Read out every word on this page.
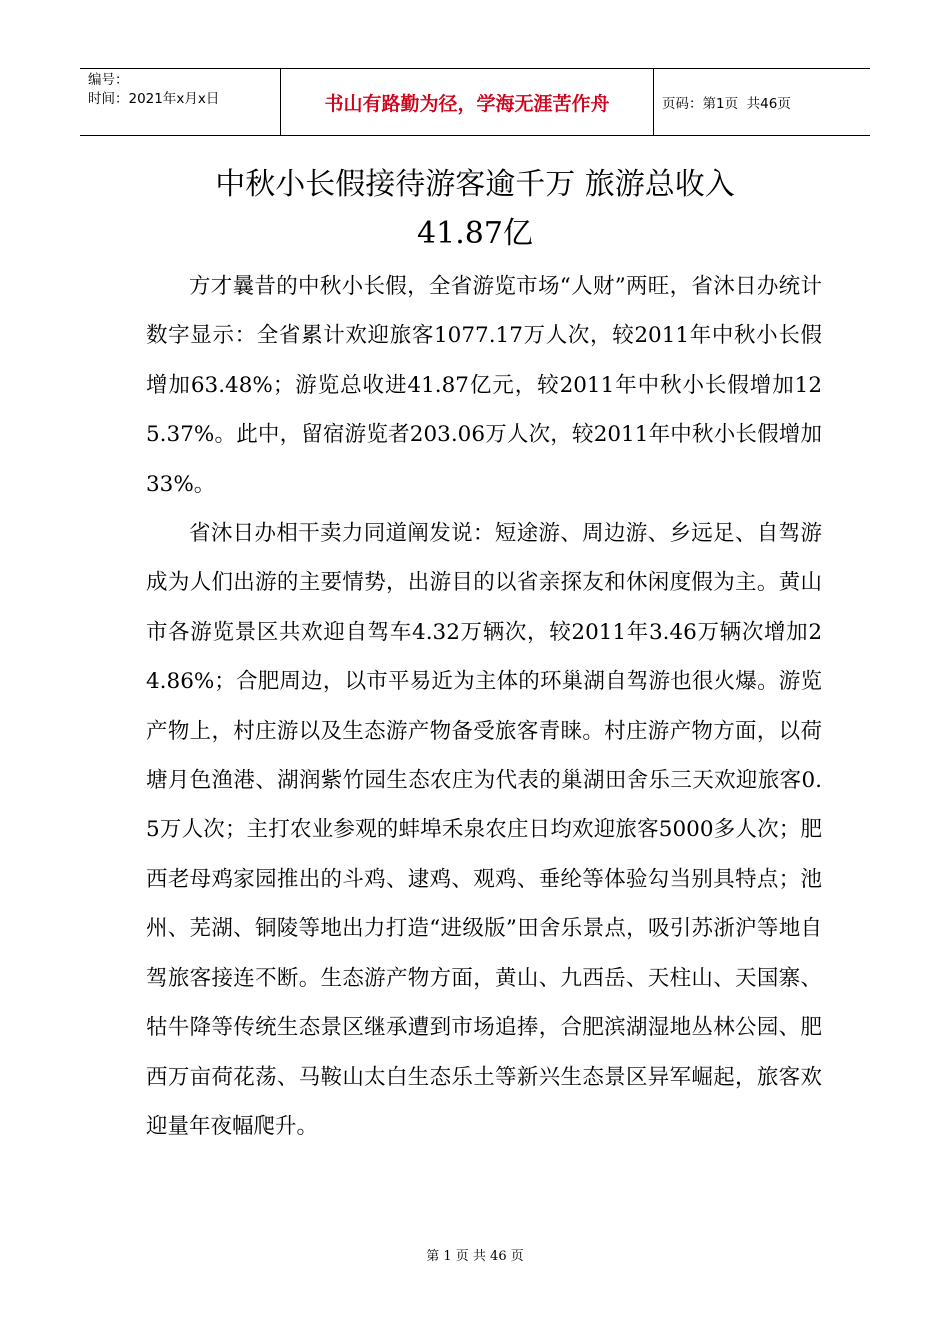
编号：
时间：2021年x月x日	书山有路勤为径，学海无涯苦作舟	页码：第1页  共46页
中秋小长假接待游客逾千万 旅游总收入
41.87亿

方才曩昔的中秋小长假，全省游览市场“人财”两旺，省沐日办统计数字显示：全省累计欢迎旅客1077.17万人次，较2011年中秋小长假增加63.48%；游览总收进41.87亿元，较2011年中秋小长假增加125.37%。此中，留宿游览者203.06万人次，较2011年中秋小长假增加33%。

省沐日办相干卖力同道阐发说：短途游、周边游、乡远足、自驾游成为人们出游的主要情势，出游目的以省亲探友和休闲度假为主。黄山市各游览景区共欢迎自驾车4.32万辆次，较2011年3.46万辆次增加24.86%；合肥周边，以市平易近为主体的环巢湖自驾游也很火爆。游览产物上，村庄游以及生态游产物备受旅客青睐。村庄游产物方面，以荷塘月色渔港、湖润紫竹园生态农庄为代表的巢湖田舍乐三天欢迎旅客0.5万人次；主打农业参观的蚌埠禾泉农庄日均欢迎旅客5000多人次；肥西老母鸡家园推出的斗鸡、逮鸡、观鸡、垂纶等体验勾当别具特点；池州、芜湖、铜陵等地出力打造“进级版”田舍乐景点，吸引苏浙沪等地自驾旅客接连不断。生态游产物方面，黄山、九西岳、天柱山、天国寨、牯牛降等传统生态景区继承遭到市场追捧，合肥滨湖湿地丛林公园、肥西万亩荷花荡、马鞍山太白生态乐土等新兴生态景区异军崛起，旅客欢迎量年夜幅爬升。

第 1 页 共 46 页
